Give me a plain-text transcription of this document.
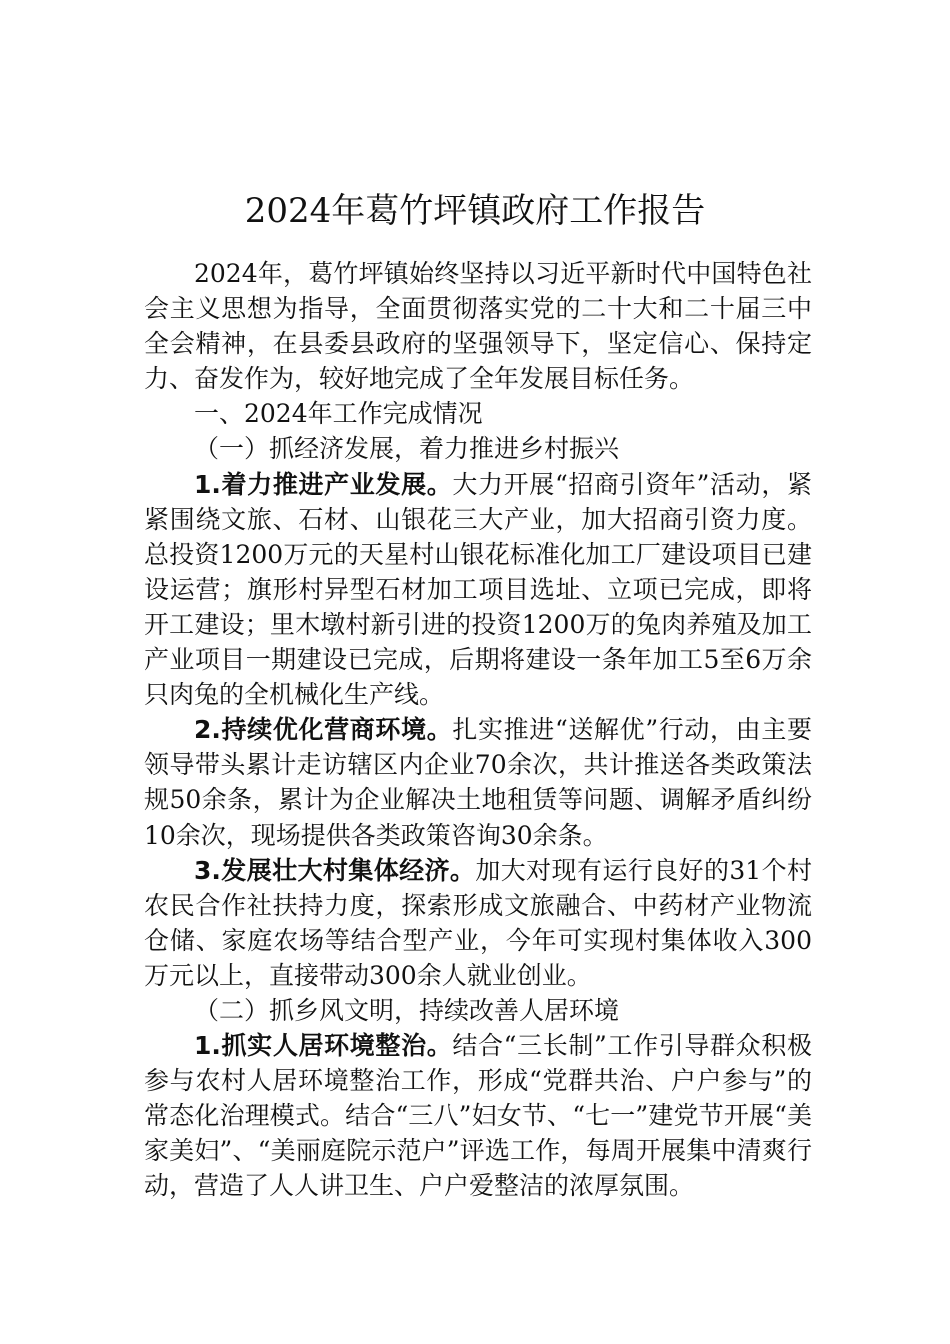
2024年葛竹坪镇政府工作报告

2024年，葛竹坪镇始终坚持以习近平新时代中国特色社会主义思想为指导，全面贯彻落实党的二十大和二十届三中全会精神，在县委县政府的坚强领导下，坚定信心、保持定力、奋发作为，较好地完成了全年发展目标任务。

一、2024年工作完成情况

（一）抓经济发展，着力推进乡村振兴

1.着力推进产业发展。大力开展“招商引资年”活动，紧紧围绕文旅、石材、山银花三大产业，加大招商引资力度。总投资1200万元的天星村山银花标准化加工厂建设项目已建设运营；旗形村异型石材加工项目选址、立项已完成，即将开工建设；里木墩村新引进的投资1200万的兔肉养殖及加工产业项目一期建设已完成，后期将建设一条年加工5至6万余只肉兔的全机械化生产线。

2.持续优化营商环境。扎实推进“送解优”行动，由主要领导带头累计走访辖区内企业70余次，共计推送各类政策法规50余条，累计为企业解决土地租赁等问题、调解矛盾纠纷10余次，现场提供各类政策咨询30余条。

3.发展壮大村集体经济。加大对现有运行良好的31个村农民合作社扶持力度，探索形成文旅融合、中药材产业物流仓储、家庭农场等结合型产业，今年可实现村集体收入300万元以上，直接带动300余人就业创业。

（二）抓乡风文明，持续改善人居环境

1.抓实人居环境整治。结合“三长制”工作引导群众积极参与农村人居环境整治工作，形成“党群共治、户户参与”的常态化治理模式。结合“三八”妇女节、“七一”建党节开展“美家美妇”、“美丽庭院示范户”评选工作，每周开展集中清爽行动，营造了人人讲卫生、户户爱整洁的浓厚氛围。
